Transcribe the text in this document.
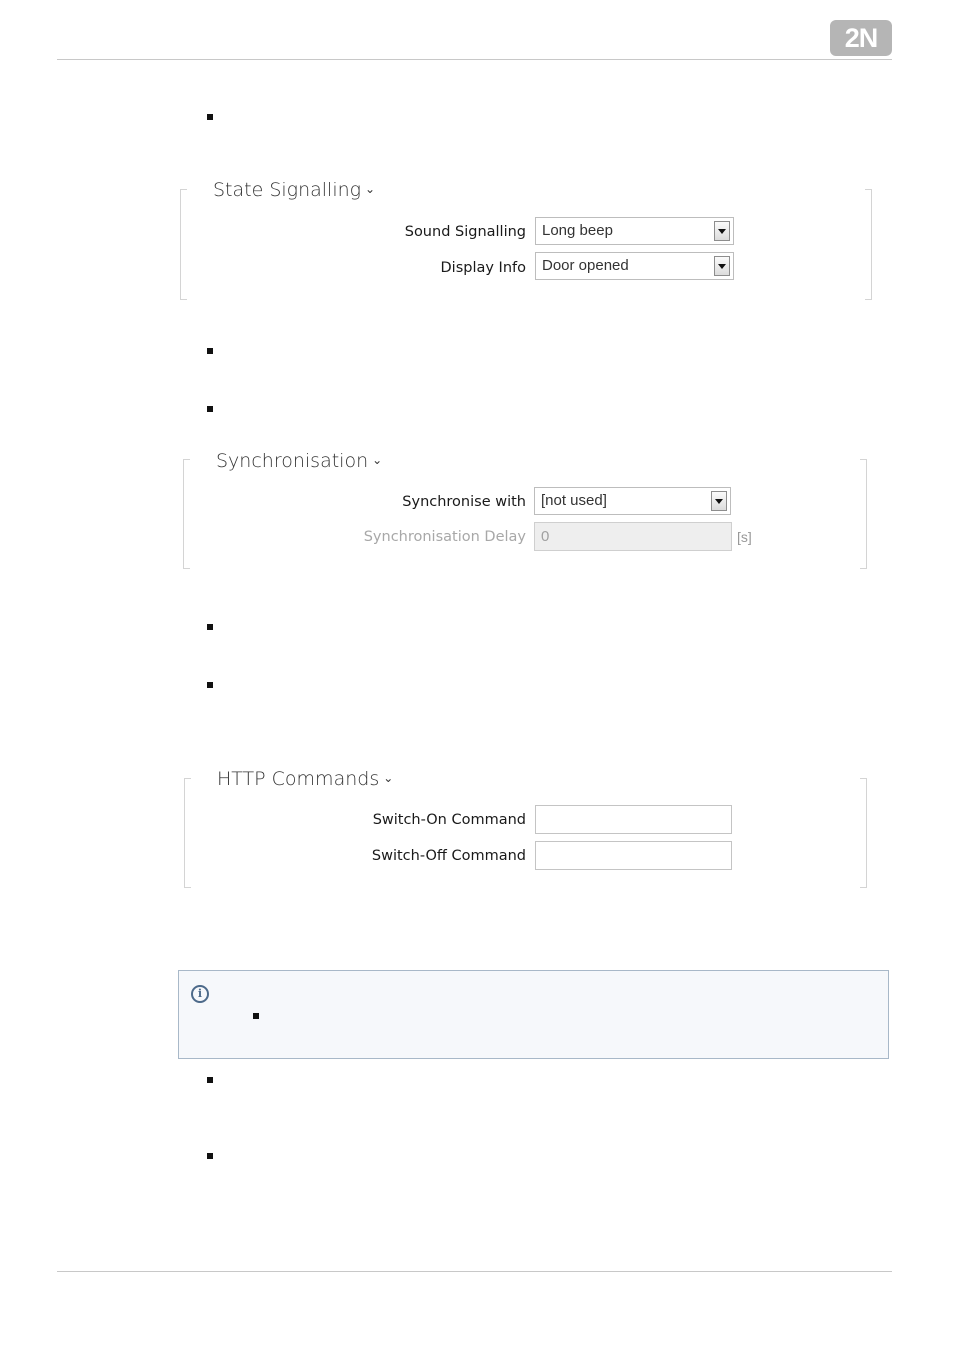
2N
State Signalling ⌄
Sound Signalling	Long beep
Display Info	Door opened
Synchronisation ⌄
Synchronise with	[not used]
Synchronisation Delay	0	[s]
HTTP Commands ⌄
Switch-On Command
Switch-Off Command
i
